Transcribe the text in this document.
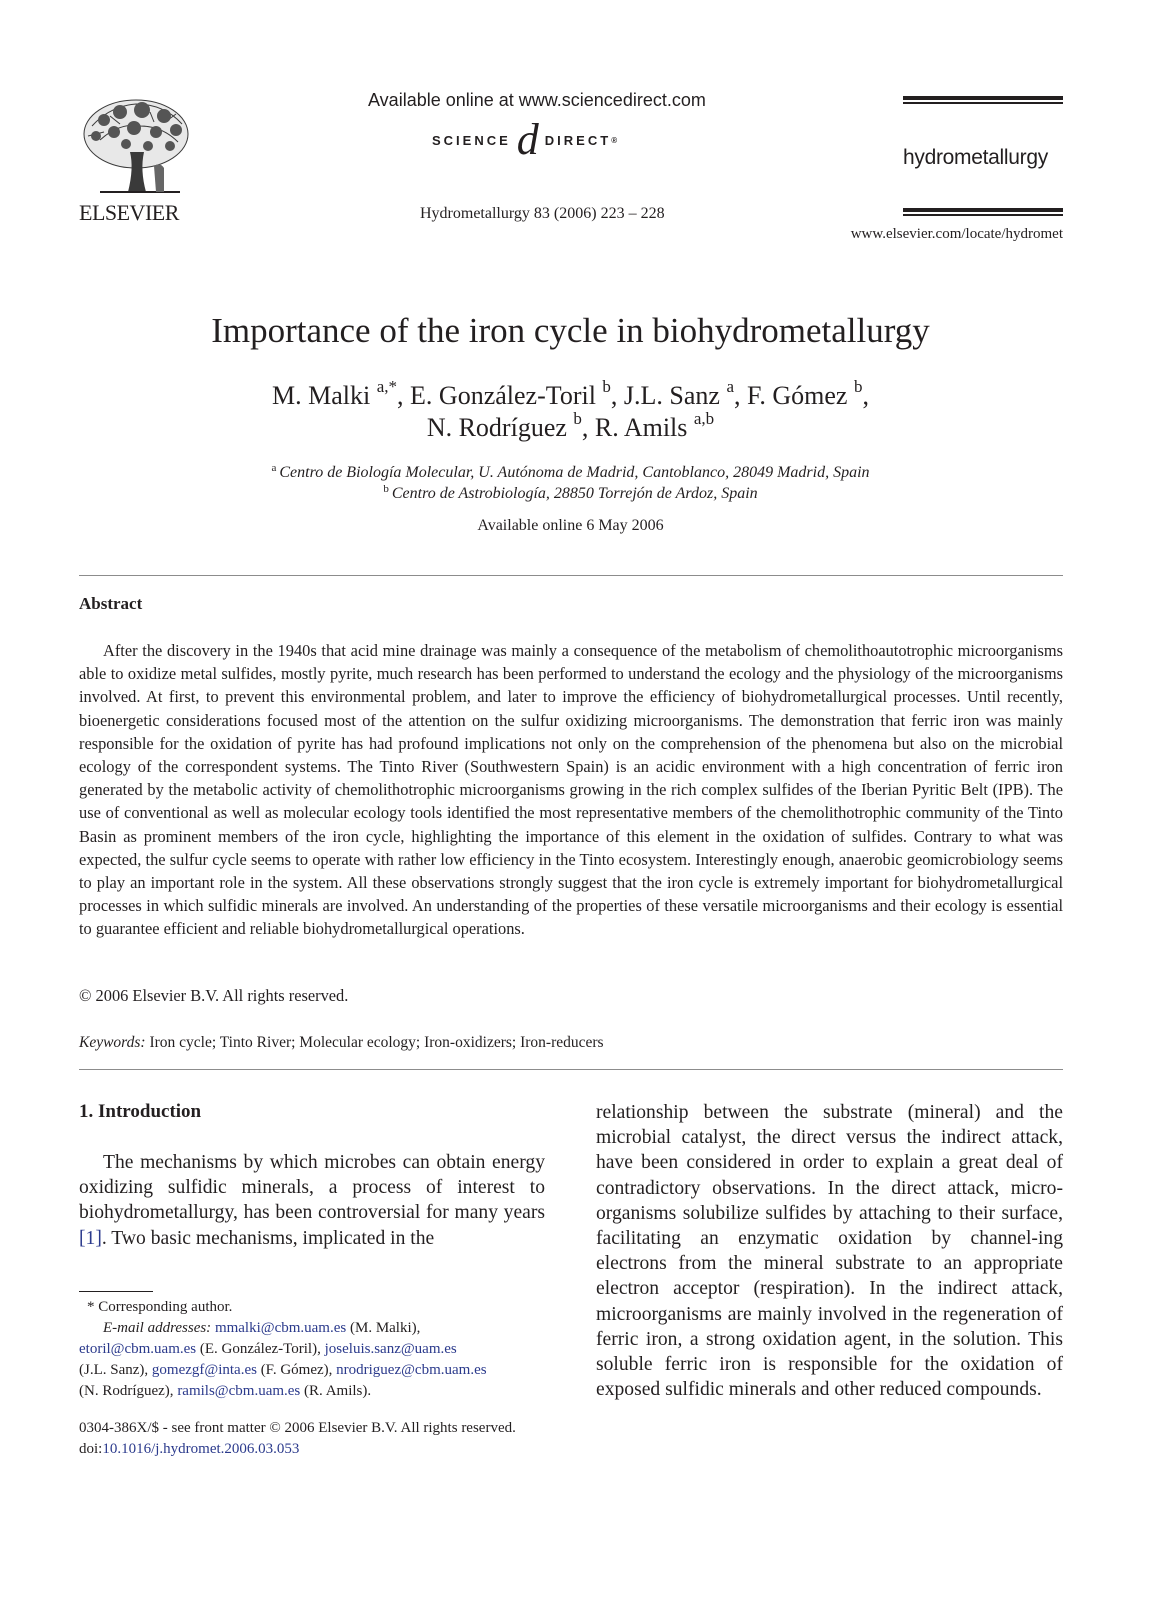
ELSEVIER
Available online at www.sciencedirect.com
SCIENCE d DIRECT ®
Hydrometallurgy 83 (2006) 223 – 228
hydrometallurgy
www.elsevier.com/locate/hydromet
Importance of the iron cycle in biohydrometallurgy
M. Malki $^{a,*}$, E. González-Toril $^b$, J.L. Sanz $^a$, F. Gómez $^b$,
N. Rodríguez $^b$, R. Amils $^{a,b}$
$^a$ Centro de Biología Molecular, U. Autónoma de Madrid, Cantoblanco, 28049 Madrid, Spain
$^b$ Centro de Astrobiología, 28850 Torrejón de Ardoz, Spain
Available online 6 May 2006
Abstract

After the discovery in the 1940s that acid mine drainage was mainly a consequence of the metabolism of chemolithoautotrophic microorganisms able to oxidize metal sulfides, mostly pyrite, much research has been performed to understand the ecology and the physiology of the microorganisms involved. At first, to prevent this environmental problem, and later to improve the efficiency of biohydrometallurgical processes. Until recently, bioenergetic considerations focused most of the attention on the sulfur oxidizing microorganisms. The demonstration that ferric iron was mainly responsible for the oxidation of pyrite has had profound implications not only on the comprehension of the phenomena but also on the microbial ecology of the correspondent systems. The Tinto River (Southwestern Spain) is an acidic environment with a high concentration of ferric iron generated by the metabolic activity of chemolithotrophic microorganisms growing in the rich complex sulfides of the Iberian Pyritic Belt (IPB). The use of conventional as well as molecular ecology tools identified the most representative members of the chemolithotrophic community of the Tinto Basin as prominent members of the iron cycle, highlighting the importance of this element in the oxidation of sulfides. Contrary to what was expected, the sulfur cycle seems to operate with rather low efficiency in the Tinto ecosystem. Interestingly enough, anaerobic geomicrobiology seems to play an important role in the system. All these observations strongly suggest that the iron cycle is extremely important for biohydrometallurgical processes in which sulfidic minerals are involved. An understanding of the properties of these versatile microorganisms and their ecology is essential to guarantee efficient and reliable biohydrometallurgical operations.

© 2006 Elsevier B.V. All rights reserved.
Keywords: Iron cycle; Tinto River; Molecular ecology; Iron-oxidizers; Iron-reducers
1. Introduction

The mechanisms by which microbes can obtain energy oxidizing sulfidic minerals, a process of interest to biohydrometallurgy, has been controversial for many years [1]. Two basic mechanisms, implicated in the

relationship between the substrate (mineral) and the microbial catalyst, the direct versus the indirect attack, have been considered in order to explain a great deal of contradictory observations. In the direct attack, micro-organisms solubilize sulfides by attaching to their surface, facilitating an enzymatic oxidation by channel-ing electrons from the mineral substrate to an appropriate electron acceptor (respiration). In the indirect attack, microorganisms are mainly involved in the regeneration of ferric iron, a strong oxidation agent, in the solution. This soluble ferric iron is responsible for the oxidation of exposed sulfidic minerals and other reduced compounds.

* Corresponding author.
E-mail addresses: mmalki@cbm.uam.es (M. Malki),
etoril@cbm.uam.es (E. González-Toril), joseluis.sanz@uam.es
(J.L. Sanz), gomezgf@inta.es (F. Gómez), nrodriguez@cbm.uam.es
(N. Rodríguez), ramils@cbm.uam.es (R. Amils).
0304-386X/$ - see front matter © 2006 Elsevier B.V. All rights reserved.
doi:10.1016/j.hydromet.2006.03.053
